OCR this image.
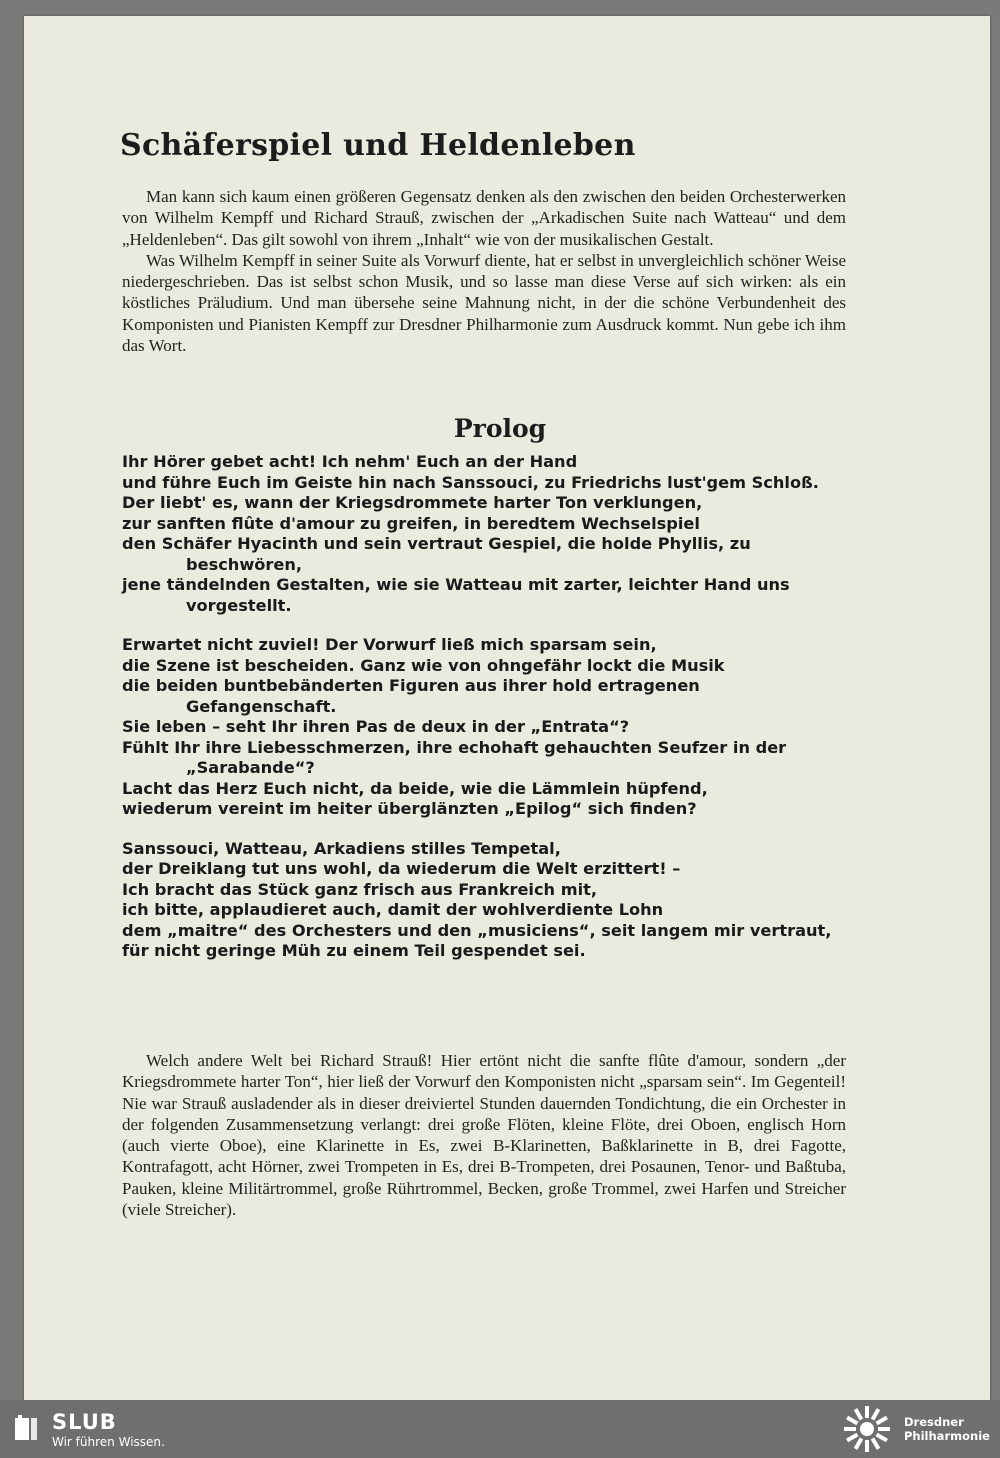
Schäferspiel und Heldenleben

Man kann sich kaum einen größeren Gegensatz denken als den zwischen den beiden Orchesterwerken von Wilhelm Kempff und Richard Strauß, zwischen der „Arkadischen Suite nach Watteau“ und dem „Heldenleben“. Das gilt sowohl von ihrem „Inhalt“ wie von der musikalischen Gestalt.

Was Wilhelm Kempff in seiner Suite als Vorwurf diente, hat er selbst in unvergleichlich schöner Weise niedergeschrieben. Das ist selbst schon Musik, und so lasse man diese Verse auf sich wirken: als ein köstliches Präludium. Und man übersehe seine Mahnung nicht, in der die schöne Verbundenheit des Komponisten und Pianisten Kempff zur Dresdner Philharmonie zum Ausdruck kommt. Nun gebe ich ihm das Wort.

Prolog
Ihr Hörer gebet acht! Ich nehm' Euch an der Hand
und führe Euch im Geiste hin nach Sanssouci, zu Friedrichs lust'gem Schloß.
Der liebt' es, wann der Kriegsdrommete harter Ton verklungen,
zur sanften flûte d'amour zu greifen, in beredtem Wechselspiel
den Schäfer Hyacinth und sein vertraut Gespiel, die holde Phyllis, zu beschwören,
jene tändelnden Gestalten, wie sie Watteau mit zarter, leichter Hand uns vorgestellt.
Erwartet nicht zuviel! Der Vorwurf ließ mich sparsam sein,
die Szene ist bescheiden. Ganz wie von ohngefähr lockt die Musik
die beiden buntbebänderten Figuren aus ihrer hold ertragenen Gefangenschaft.
Sie leben – seht Ihr ihren Pas de deux in der „Entrata“?
Fühlt Ihr ihre Liebesschmerzen, ihre echohaft gehauchten Seufzer in der „Sarabande“?
Lacht das Herz Euch nicht, da beide, wie die Lämmlein hüpfend,
wiederum vereint im heiter überglänzten „Epilog“ sich finden?
Sanssouci, Watteau, Arkadiens stilles Tempetal,
der Dreiklang tut uns wohl, da wiederum die Welt erzittert! –
Ich bracht das Stück ganz frisch aus Frankreich mit,
ich bitte, applaudieret auch, damit der wohlverdiente Lohn
dem „maitre“ des Orchesters und den „musiciens“, seit langem mir vertraut,
für nicht geringe Müh zu einem Teil gespendet sei.

Welch andere Welt bei Richard Strauß! Hier ertönt nicht die sanfte flûte d'amour, sondern „der Kriegsdrommete harter Ton“, hier ließ der Vorwurf den Komponisten nicht „sparsam sein“. Im Gegenteil! Nie war Strauß ausladender als in dieser dreiviertel Stunden dauernden Tondichtung, die ein Orchester in der folgenden Zusammensetzung verlangt: drei große Flöten, kleine Flöte, drei Oboen, englisch Horn (auch vierte Oboe), eine Klarinette in Es, zwei B-Klarinetten, Baßklarinette in B, drei Fagotte, Kontrafagott, acht Hörner, zwei Trompeten in Es, drei B-Trompeten, drei Posaunen, Tenor- und Baßtuba, Pauken, kleine Militärtrommel, große Rührtrommel, Becken, große Trommel, zwei Harfen und Streicher (viele Streicher).

SLUB
Wir führen Wissen.
Dresdner
Philharmonie
